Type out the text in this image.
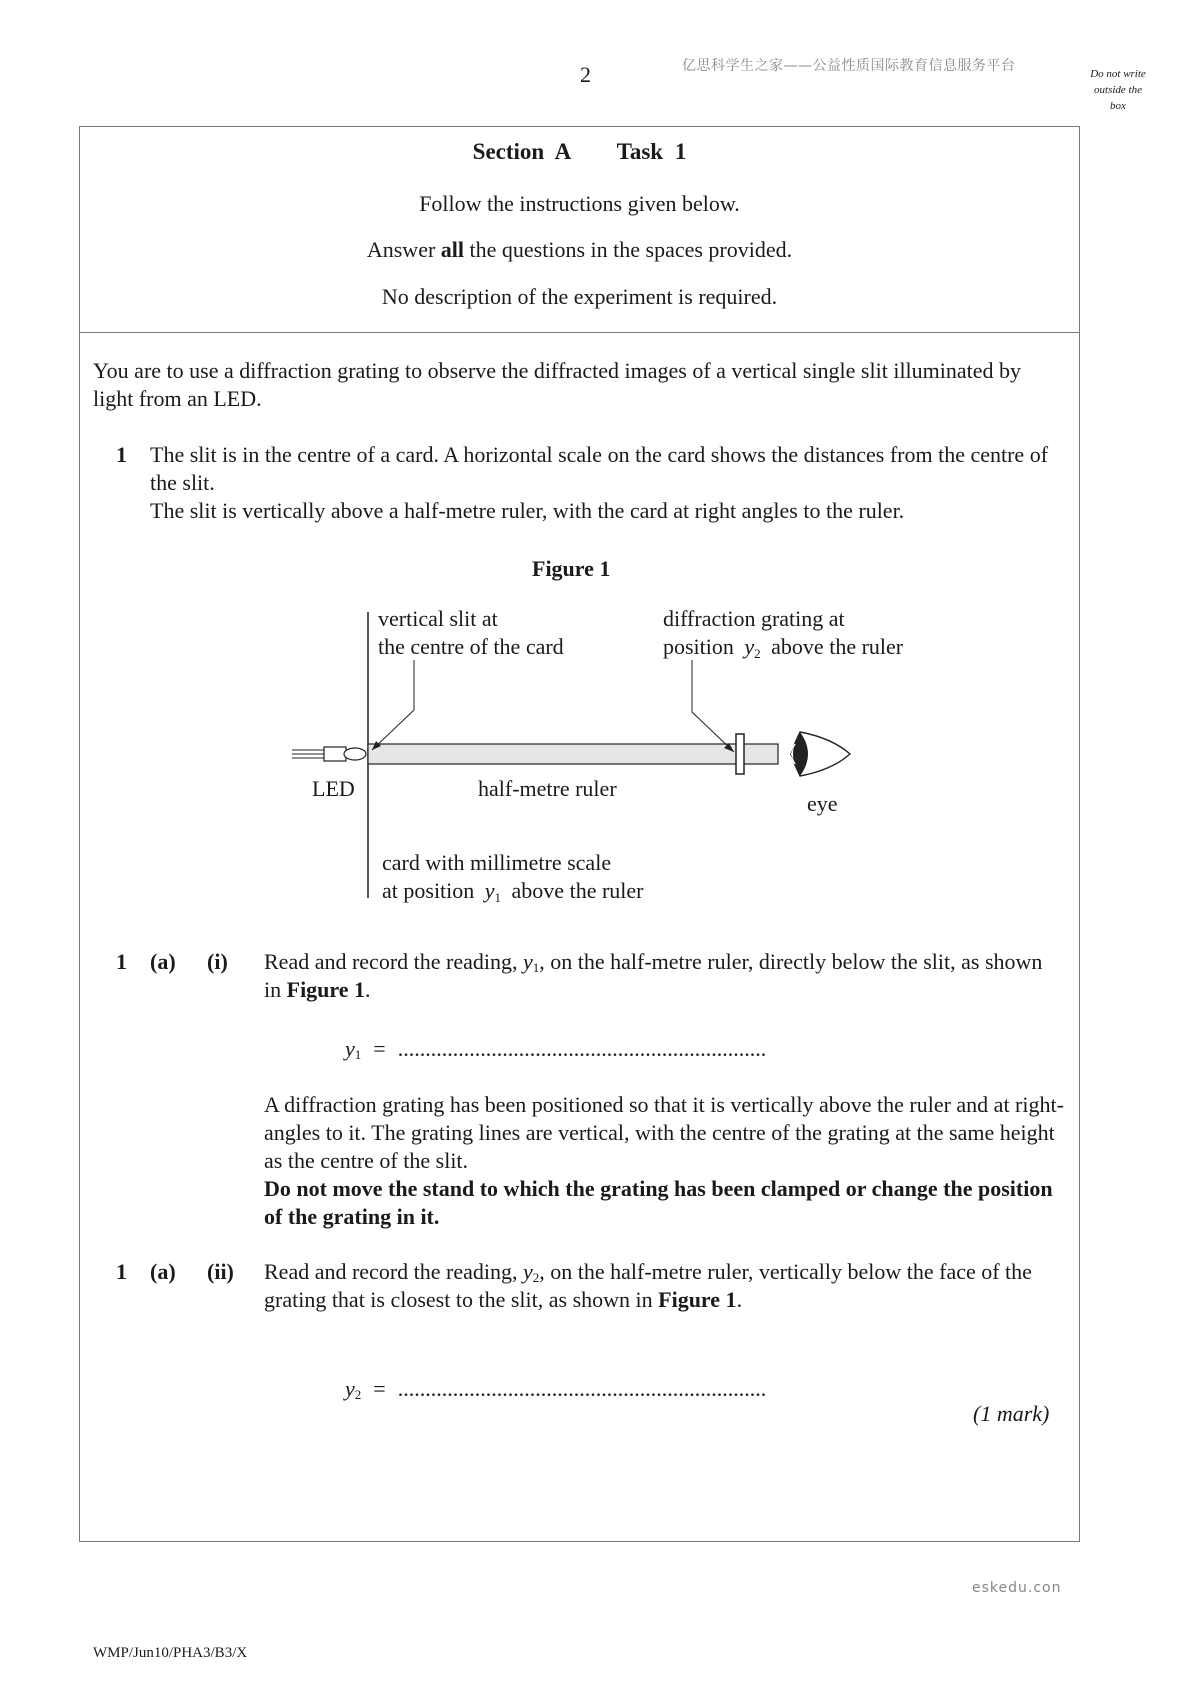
2	亿思科学生之家——公益性质国际教育信息服务平台	Do not write
outside the
box
Section A    Task 1
Follow the instructions given below.
Answer all the questions in the spaces provided.
No description of the experiment is required.
You are to use a diffraction grating to observe the diffracted images of a vertical single slit illuminated by light from an LED.
1 The slit is in the centre of a card. A horizontal scale on the card shows the distances from the centre of the slit.
The slit is vertically above a half-metre ruler, with the card at right angles to the ruler.
Figure 1
vertical slit at
the centre of the card
diffraction grating at
position y2 above the ruler
LED	half-metre ruler
eye
card with millimetre scale
at position y1 above the ruler
1 (a) (i) Read and record the reading, $y_1$, on the half-metre ruler, directly below the slit, as shown in Figure 1.
$y_1$ = ...................................................................
A diffraction grating has been positioned so that it is vertically above the ruler and at right-angles to it. The grating lines are vertical, with the centre of the grating at the same height as the centre of the slit.
Do not move the stand to which the grating has been clamped or change the position of the grating in it.
1 (a) (ii) Read and record the reading, $y_2$, on the half-metre ruler, vertically below the face of the grating that is closest to the slit, as shown in Figure 1.
$y_2$ = ...................................................................
(1 mark)
eskedu.con
WMP/Jun10/PHA3/B3/X
